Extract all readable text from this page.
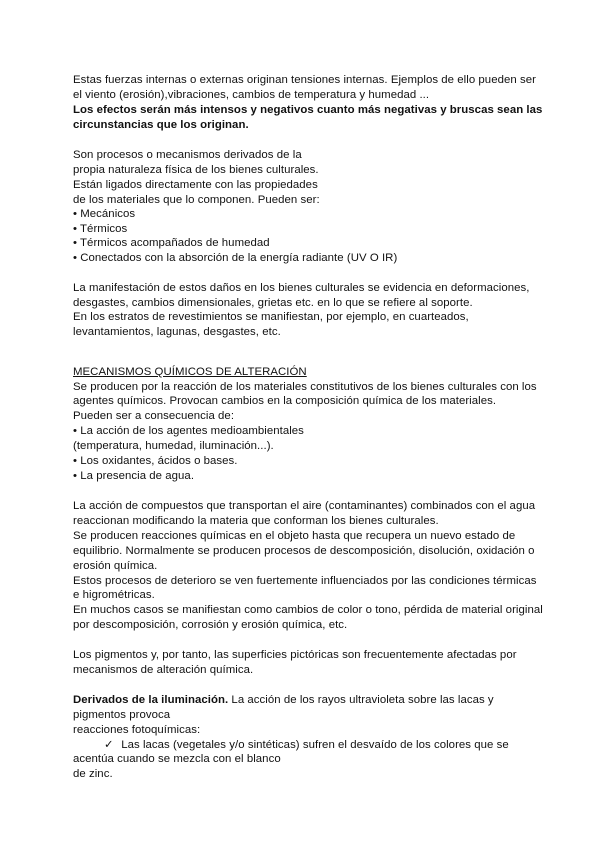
Estas fuerzas internas o externas originan tensiones internas. Ejemplos de ello pueden ser
el viento (erosión),vibraciones, cambios de temperatura y humedad ...
Los efectos serán más intensos y negativos cuanto más negativas y bruscas sean las
circunstancias que los originan.
Son procesos o mecanismos derivados de la
propia naturaleza física de los bienes culturales.
Están ligados directamente con las propiedades
de los materiales que lo componen. Pueden ser:
• Mecánicos
• Térmicos
• Térmicos acompañados de humedad
• Conectados con la absorción de la energía radiante (UV O IR)
La manifestación de estos daños en los bienes culturales se evidencia en deformaciones,
desgastes, cambios dimensionales, grietas etc. en lo que se refiere al soporte.
En los estratos de revestimientos se manifiestan, por ejemplo, en cuarteados,
levantamientos, lagunas, desgastes, etc.
MECANISMOS QUÍMICOS DE ALTERACIÓN
Se producen por la reacción de los materiales constitutivos de los bienes culturales con los
agentes químicos. Provocan cambios en la composición química de los materiales.
Pueden ser a consecuencia de:
• La acción de los agentes medioambientales
(temperatura, humedad, iluminación...).
• Los oxidantes, ácidos o bases.
• La presencia de agua.
La acción de compuestos que transportan el aire (contaminantes) combinados con el agua
reaccionan modificando la materia que conforman los bienes culturales.
Se producen reacciones químicas en el objeto hasta que recupera un nuevo estado de
equilibrio. Normalmente se producen procesos de descomposición, disolución, oxidación o
erosión química.
Estos procesos de deterioro se ven fuertemente influenciados por las condiciones térmicas
e higrométricas.
En muchos casos se manifiestan como cambios de color o tono, pérdida de material original
por descomposición, corrosión y erosión química, etc.
Los pigmentos y, por tanto, las superficies pictóricas son frecuentemente afectadas por
mecanismos de alteración química.
Derivados de la iluminación. La acción de los rayos ultravioleta sobre las lacas y
pigmentos provoca
reacciones fotoquímicas:
✓ Las lacas (vegetales y/o sintéticas) sufren el desvaído de los colores que se
acentúa cuando se mezcla con el blanco
de zinc.
